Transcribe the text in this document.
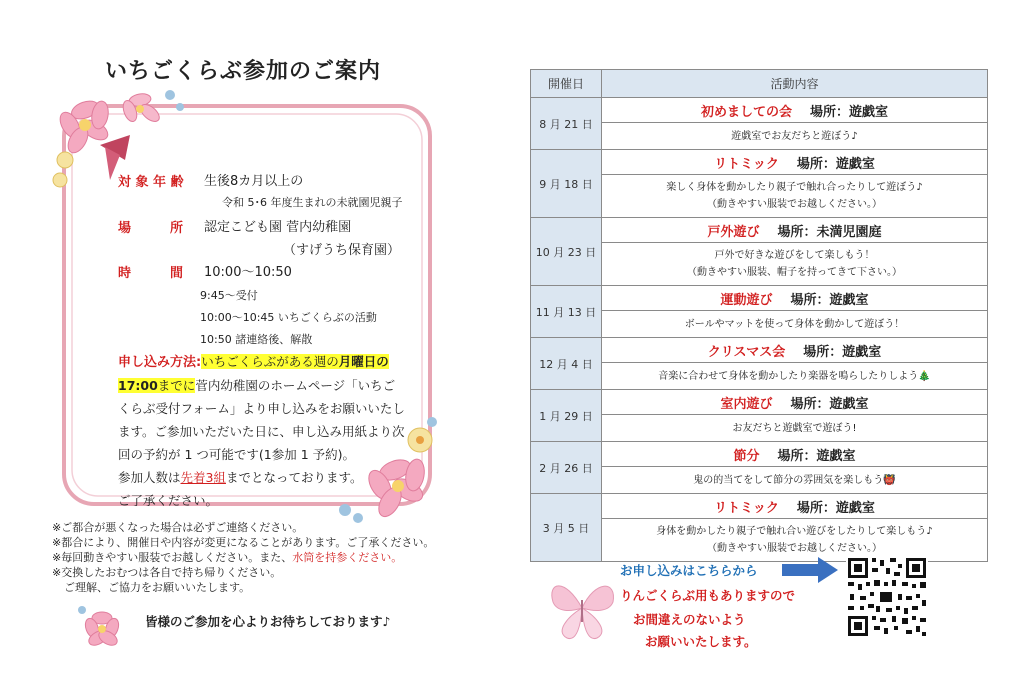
いちごくらぶ参加のご案内
対 象 年 齢 生後8カ月以上の
令和 5･6 年度生まれの未就園児親子
場　　　所 認定こども園 菅内幼稚園
（すげうち保育園）
時　　　間 10:00～10:50
9:45～受付
10:00～10:45 いちごくらぶの活動
10:50 諸連絡後、解散
申し込み方法:いちごくらぶがある週の月曜日の
17:00までに菅内幼稚園のホームページ「いちご
くらぶ受付フォーム」より申し込みをお願いいたし
ます。ご参加いただいた日に、申し込み用紙より次
回の予約が 1 つ可能です(1参加 1 予約)。
参加人数は先着3組までとなっております。
ご了承ください。
※ご都合が悪くなった場合は必ずご連絡ください。
※都合により、開催日や内容が変更になることがあります。ご了承ください。
※毎回動きやすい服装でお越しください。また、水筒を持参ください。
※交換したおむつは各自で持ち帰りください。
ご理解、ご協力をお願いいたします。
皆様のご参加を心よりお待ちしております♪
開催日	活動内容
8 月 21 日	初めましての会 場所：遊戯室

	遊戯室でお友だちと遊ぼう♪

9 月 18 日	リトミック 場所：遊戯室

	楽しく身体を動かしたり親子で触れ合ったりして遊ぼう♪
（動きやすい服装でお越しください。）

10 月 23 日	戸外遊び 場所：未満児園庭

	戸外で好きな遊びをして楽しもう！
（動きやすい服装、帽子を持ってきて下さい。）

11 月 13 日	運動遊び 場所：遊戯室

	ボールやマットを使って身体を動かして遊ぼう！

12 月 4 日	クリスマス会 場所：遊戯室

	音楽に合わせて身体を動かしたり楽器を鳴らしたりしよう🎄

1 月 29 日	室内遊び 場所：遊戯室

	お友だちと遊戯室で遊ぼう!

2 月 26 日	節分 場所：遊戯室

	鬼の的当てをして節分の雰囲気を楽しもう👹

3 月 5 日	リトミック 場所：遊戯室

	身体を動かしたり親子で触れ合い遊びをしたりして楽しもう♪
（動きやすい服装でお越しください。）
お申し込みはこちらから
りんごくらぶ用もありますので
お間違えのないよう
お願いいたします。
